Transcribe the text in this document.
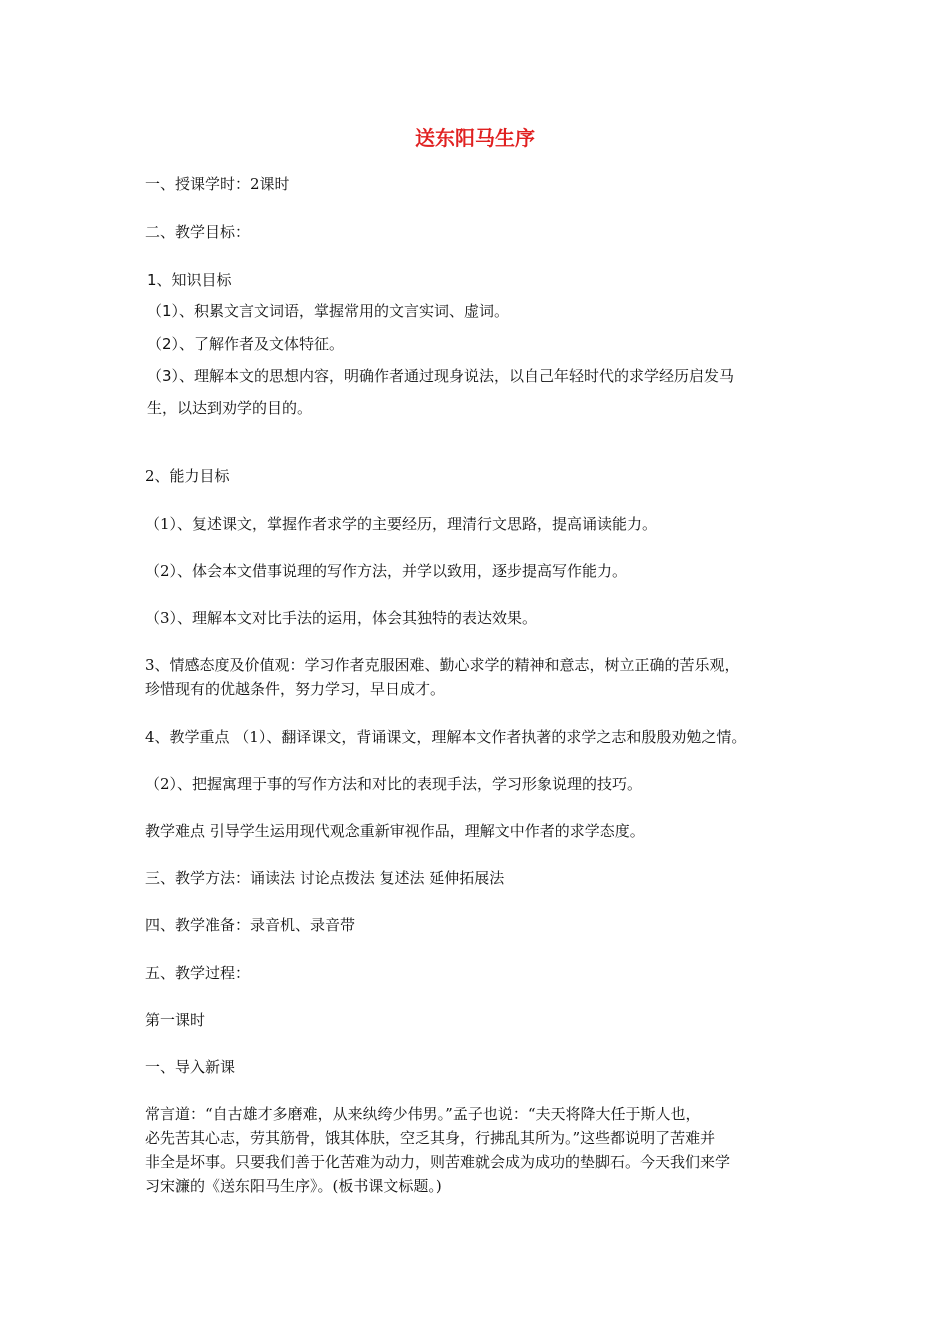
送东阳马生序

一、授课学时：2课时

二、教学目标：

1、知识目标

（1）、积累文言文词语，掌握常用的文言实词、虚词。

（2）、了解作者及文体特征。

（3）、理解本文的思想内容，明确作者通过现身说法，以自己年轻时代的求学经历启发马

生，以达到劝学的目的。

2、能力目标

（1）、复述课文，掌握作者求学的主要经历，理清行文思路，提高诵读能力。

（2）、体会本文借事说理的写作方法，并学以致用，逐步提高写作能力。

（3）、理解本文对比手法的运用，体会其独特的表达效果。

3、情感态度及价值观：学习作者克服困难、勤心求学的精神和意志，树立正确的苦乐观，

珍惜现有的优越条件，努力学习，早日成才。

4、教学重点 （1）、翻译课文，背诵课文，理解本文作者执著的求学之志和殷殷劝勉之情。

（2）、把握寓理于事的写作方法和对比的表现手法，学习形象说理的技巧。

教学难点 引导学生运用现代观念重新审视作品，理解文中作者的求学态度。

三、教学方法：诵读法 讨论点拨法 复述法 延伸拓展法

四、教学准备：录音机、录音带

五、教学过程：

第一课时

一、导入新课

常言道：“自古雄才多磨难，从来纨绔少伟男。”孟子也说：“夫天将降大任于斯人也，

必先苦其心志，劳其筋骨，饿其体肤，空乏其身，行拂乱其所为。”这些都说明了苦难并

非全是坏事。只要我们善于化苦难为动力，则苦难就会成为成功的垫脚石。今天我们来学

习宋濂的《送东阳马生序》。(板书课文标题。)
